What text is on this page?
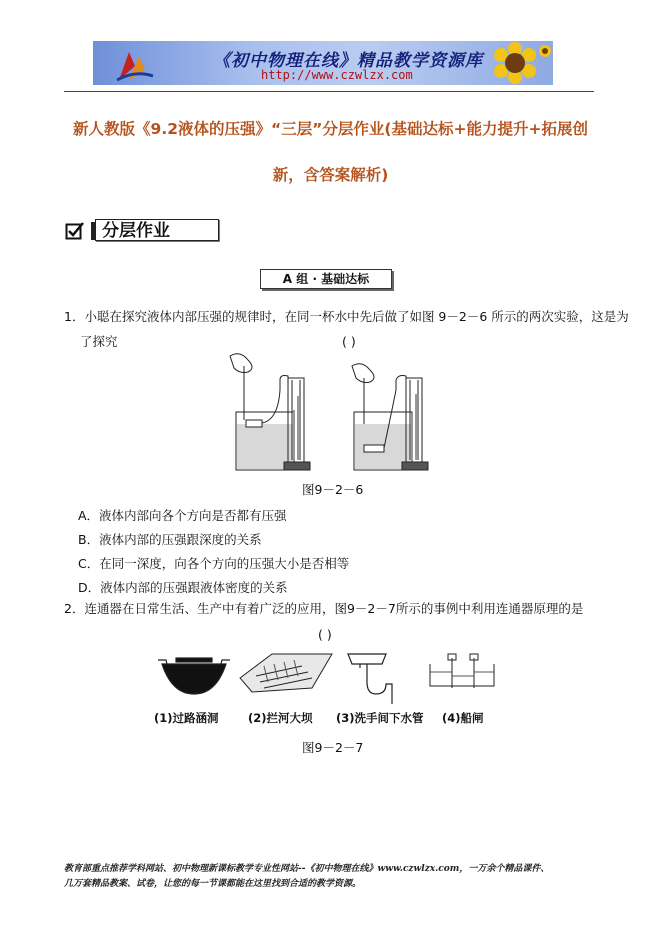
《初中物理在线》精品教学资源库
http://www.czwlzx.com
新人教版《9.2液体的压强》“三层”分层作业(基础达标+能力提升+拓展创
新，含答案解析)
分层作业
A 组 · 基础达标
1．小聪在探究液体内部压强的规律时，在同一杯水中先后做了如图 9－2－6 所示的两次实验，这是为
了探究	( )
图9－2－6
A．液体内部向各个方向是否都有压强
B．液体内部的压强跟深度的关系
C．在同一深度，向各个方向的压强大小是否相等
D．液体内部的压强跟液体密度的关系
2．连通器在日常生活、生产中有着广泛的应用，图9－2－7所示的事例中利用连通器原理的是
( )
(1)过路涵洞	(2)拦河大坝 (3)洗手间下水管 (4)船闸
图9－2－7
教育部重点推荐学科网站、初中物理新课标教学专业性网站--《初中物理在线》www.czwlzx.com，一万余个精品课件、
几万套精品教案、试卷，让您的每一节课都能在这里找到合适的教学资源。
